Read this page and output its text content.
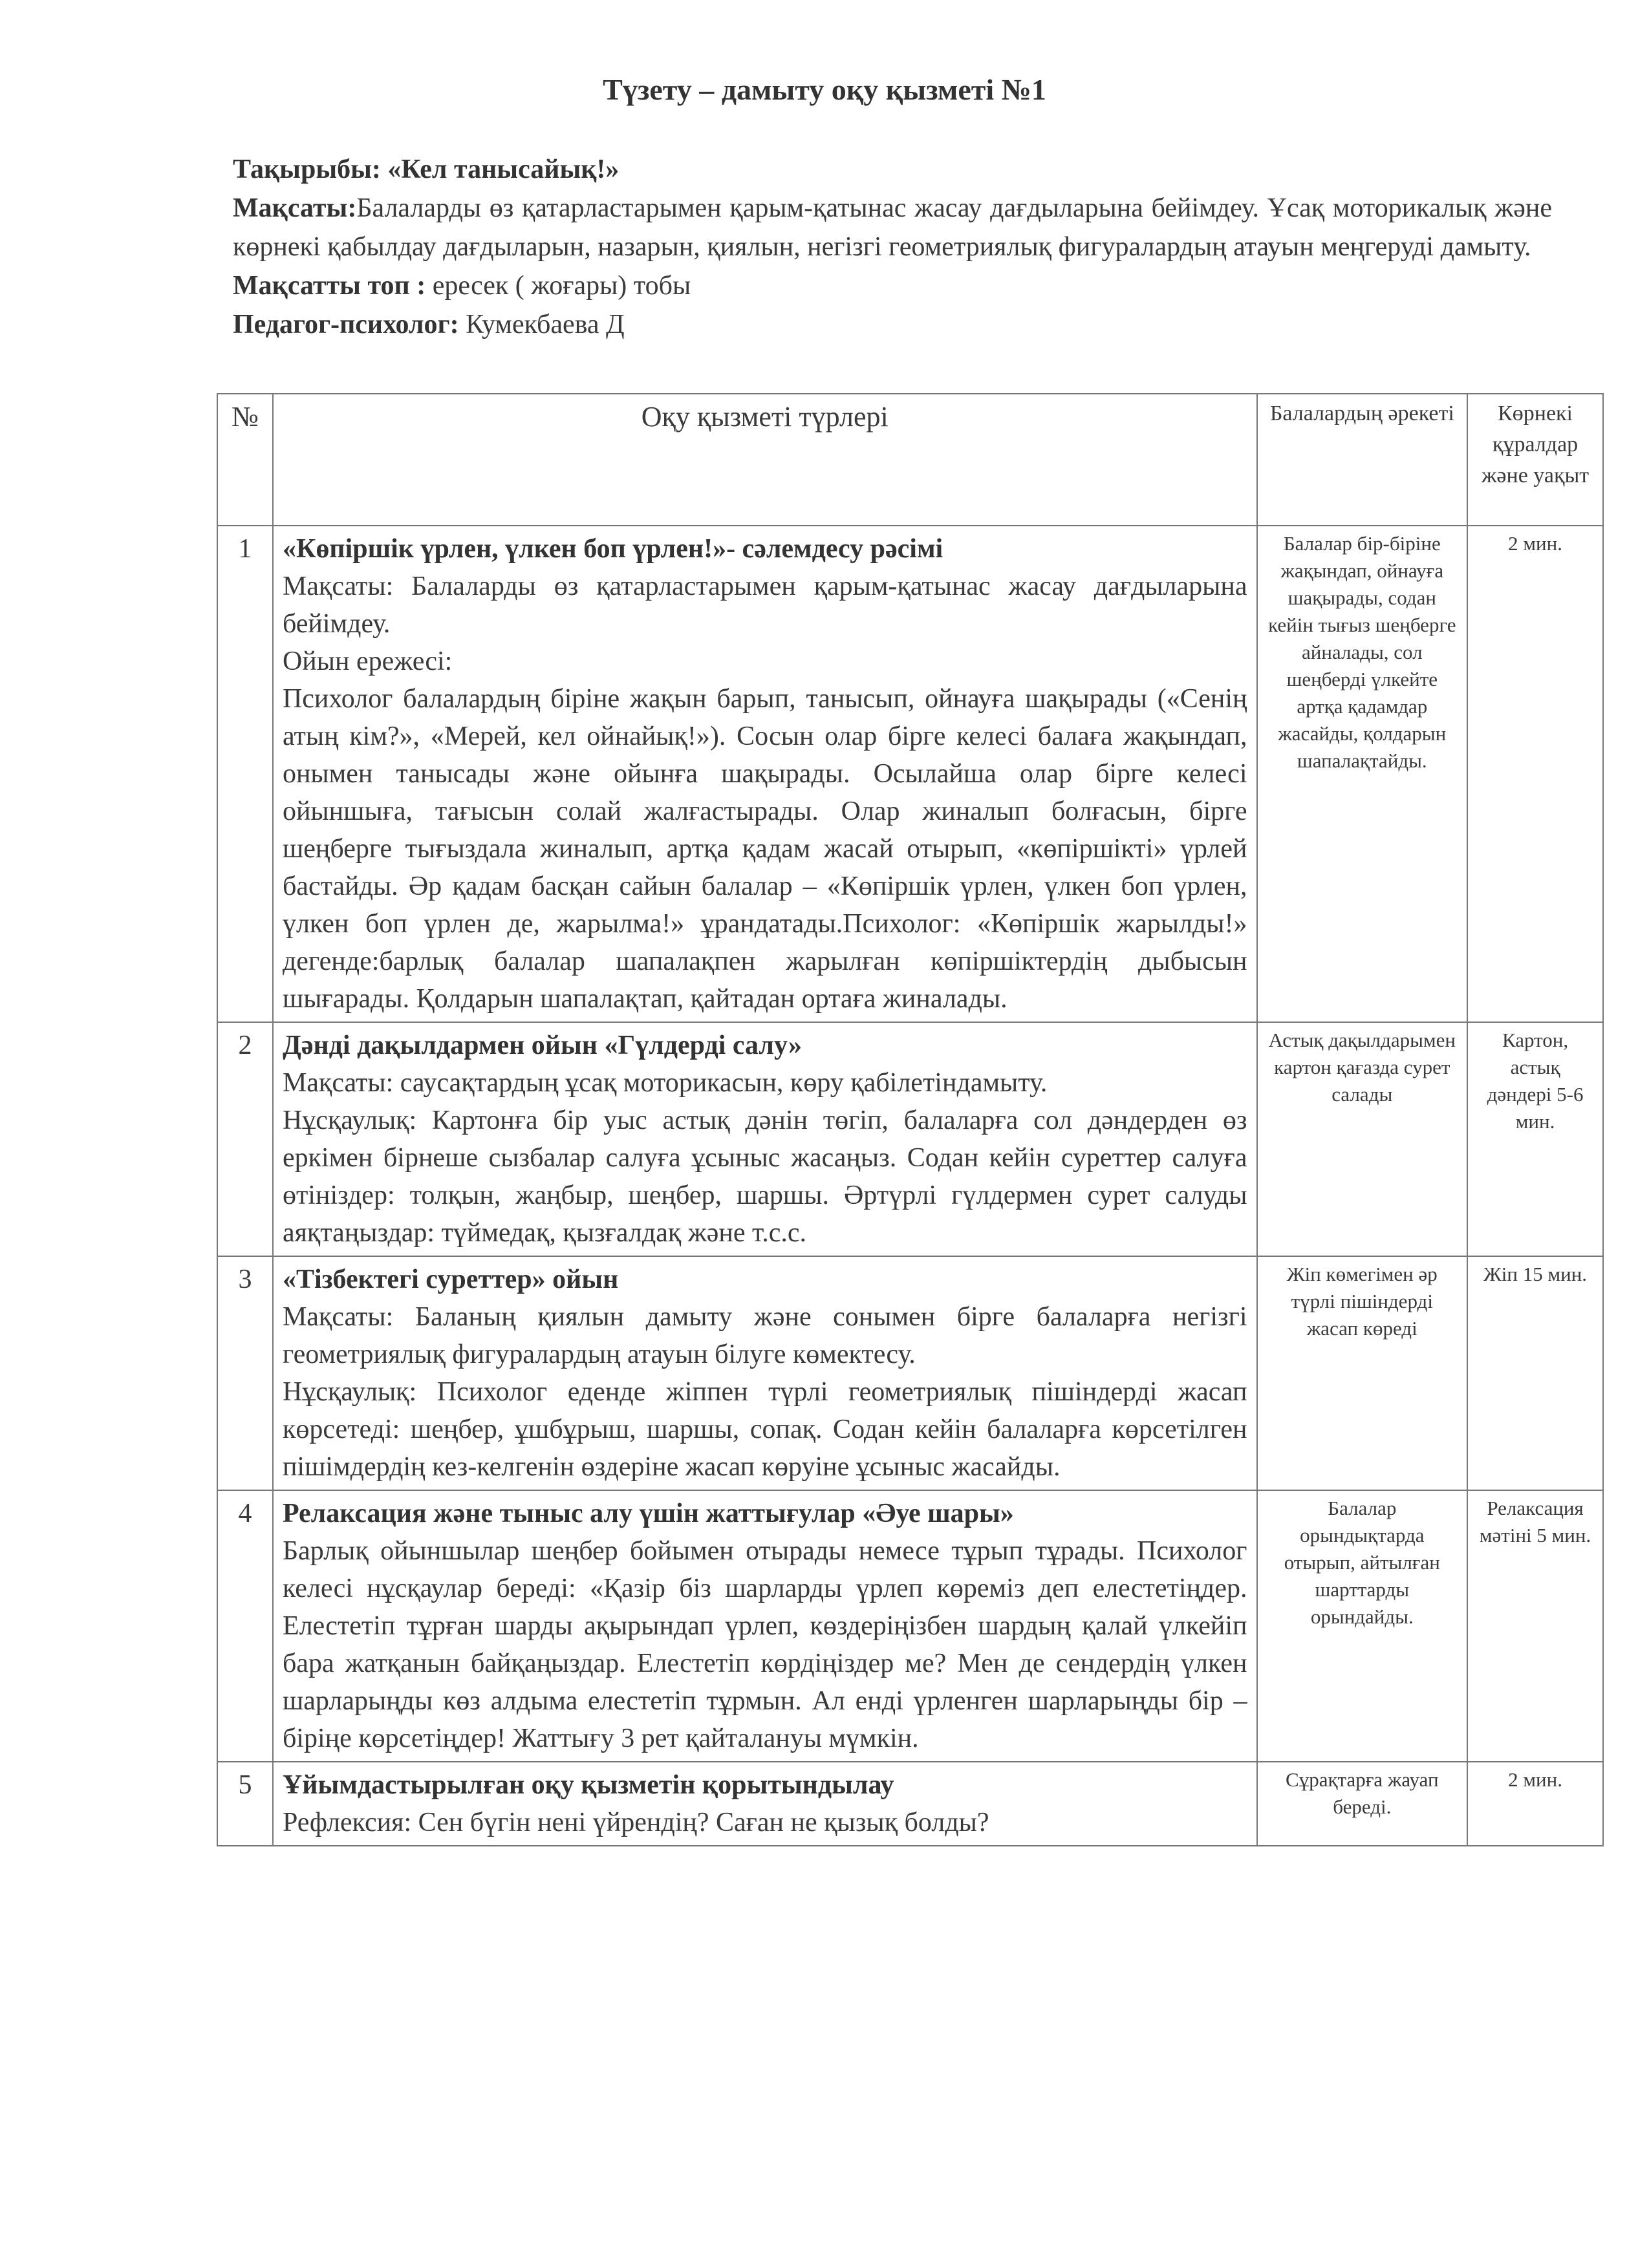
Түзету – дамыту оқу қызметі №1

Тақырыбы: «Кел танысайық!»

Мақсаты:Балаларды өз қатарластарымен қарым-қатынас жасау дағдыларына бейімдеу. Ұсақ моторикалық және көрнекі қабылдау дағдыларын, назарын, қиялын, негізгі геометриялық фигуралардың атауын меңгеруді дамыту.

Мақсатты топ : ересек ( жоғары) тобы

Педагог-психолог: Кумекбаева Д

№	Оқу қызметі түрлері	Балалардың әрекеті	Көрнекі құралдар және уақыт
1	«Көпіршік үрлен, үлкен боп үрлен!»- сәлемдесу рәсімі

Мақсаты: Балаларды өз қатарластарымен қарым-қатынас жасау дағдыларына бейімдеу.

Ойын ережесі:

Психолог балалардың біріне жақын барып, танысып, ойнауға шақырады («Сенің атың кім?», «Мерей, кел ойнайық!»). Сосын олар бірге келесі балаға жақындап, онымен танысады және ойынға шақырады. Осылайша олар бірге келесі ойыншыға, тағысын солай жалғастырады. Олар жиналып болғасын, бірге шеңберге тығыздала жиналып, артқа қадам жасай отырып, «көпіршікті» үрлей бастайды. Әр қадам басқан сайын балалар – «Көпіршік үрлен, үлкен боп үрлен, үлкен боп үрлен де, жарылма!» ұрандатады.Психолог: «Көпіршік жарылды!» дегенде:барлық балалар шапалақпен жарылған көпіршіктердің дыбысын шығарады. Қолдарын шапалақтап, қайтадан ортаға жиналады.	Балалар бір-біріне жақындап, ойнауға шақырады, содан кейін тығыз шеңберге айналады, сол шеңберді үлкейте артқа қадамдар жасайды, қолдарын шапалақтайды.	2 мин.
2	Дәнді дақылдармен ойын «Гүлдерді салу»

Мақсаты: саусақтардың ұсақ моторикасын, көру қабілетіндамыту.

Нұсқаулық: Картонға бір уыс астық дәнін төгіп, балаларға сол дәндерден өз еркімен бірнеше сызбалар салуға ұсыныс жасаңыз. Содан кейін суреттер салуға өтініздер: толқын, жаңбыр, шеңбер, шаршы. Әртүрлі гүлдермен сурет салуды аяқтаңыздар: түймедақ, қызғалдақ және т.с.с.	Астық дақылдарымен картон қағазда сурет салады	Картон, астық дәндері 5-6 мин.
3	«Тізбектегі суреттер» ойын

Мақсаты: Баланың қиялын дамыту және сонымен бірге балаларға негізгі геометриялық фигуралардың атауын білуге көмектесу.

Нұсқаулық: Психолог еденде жіппен түрлі геометриялық пішіндерді жасап көрсетеді: шеңбер, ұшбұрыш, шаршы, сопақ. Содан кейін балаларға көрсетілген пішімдердің кез-келгенін өздеріне жасап көруіне ұсыныс жасайды.	Жіп көмегімен әр түрлі пішіндерді жасап көреді	Жіп 15 мин.
4	Релаксация және тыныс алу үшін жаттығулар «Әуе шары»

Барлық ойыншылар шеңбер бойымен отырады немесе тұрып тұрады. Психолог келесі нұсқаулар береді: «Қазір біз шарларды үрлеп көреміз деп елестетіңдер. Елестетіп тұрған шарды ақырындап үрлеп, көздеріңізбен шардың қалай үлкейіп бара жатқанын байқаңыздар. Елестетіп көрдіңіздер ме? Мен де сендердің үлкен шарларыңды көз алдыма елестетіп тұрмын. Ал енді үрленген шарларыңды бір – біріңе көрсетіңдер! Жаттығу 3 рет қайталануы мүмкін.	Балалар орындықтарда отырып, айтылған шарттарды орындайды.	Релаксация мәтіні 5 мин.
5	Ұйымдастырылған оқу қызметін қорытындылау

Рефлексия: Сен бүгін нені үйрендің? Саған не қызық болды?	Сұрақтарға жауап береді.	2 мин.
